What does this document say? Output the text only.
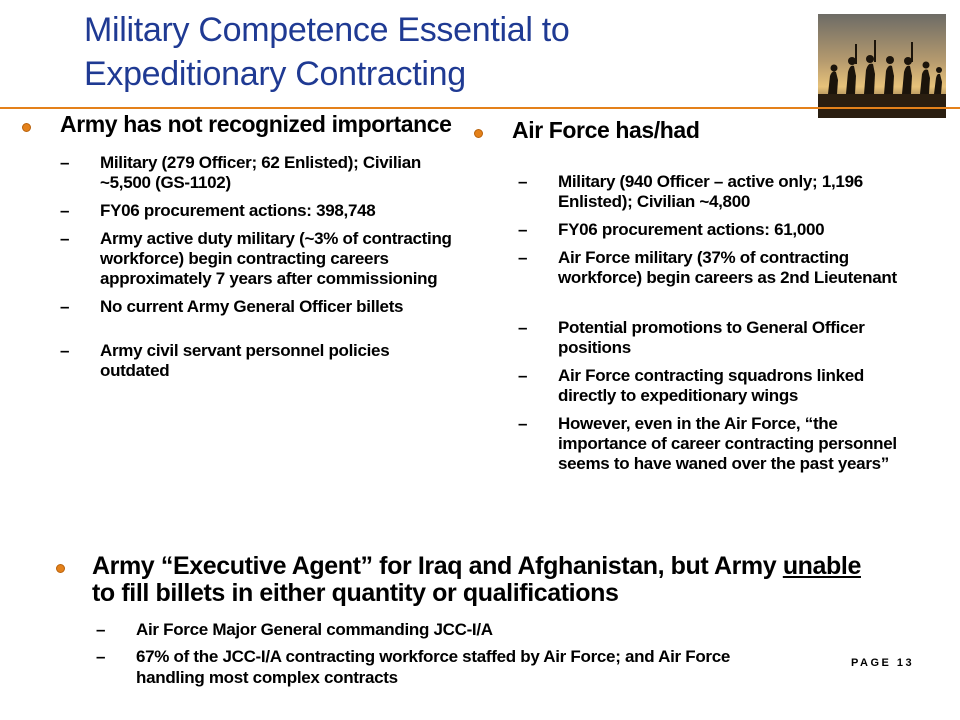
Military Competence Essential to
Expeditionary Contracting
Army has not recognized importance
– Military (279 Officer; 62 Enlisted); Civilian ~5,500 (GS-1102)
– FY06 procurement actions: 398,748
– Army active duty military (~3% of contracting workforce) begin contracting careers approximately 7 years after commissioning
– No current Army General Officer billets
– Army civil servant personnel policies outdated
Air Force has/had
– Military (940 Officer – active only; 1,196 Enlisted); Civilian ~4,800
– FY06 procurement actions: 61,000
– Air Force military (37% of contracting workforce) begin careers as 2nd Lieutenant
– Potential promotions to General Officer positions
– Air Force contracting squadrons linked directly to expeditionary wings
– However, even in the Air Force, “the importance of career contracting personnel seems to have waned over the past years”
Army “Executive Agent” for Iraq and Afghanistan, but Army unable to fill billets in either quantity or qualifications
– Air Force Major General commanding JCC-I/A
– 67% of the JCC-I/A contracting workforce staffed by Air Force; and Air Force handling most complex contracts
PAGE 13
